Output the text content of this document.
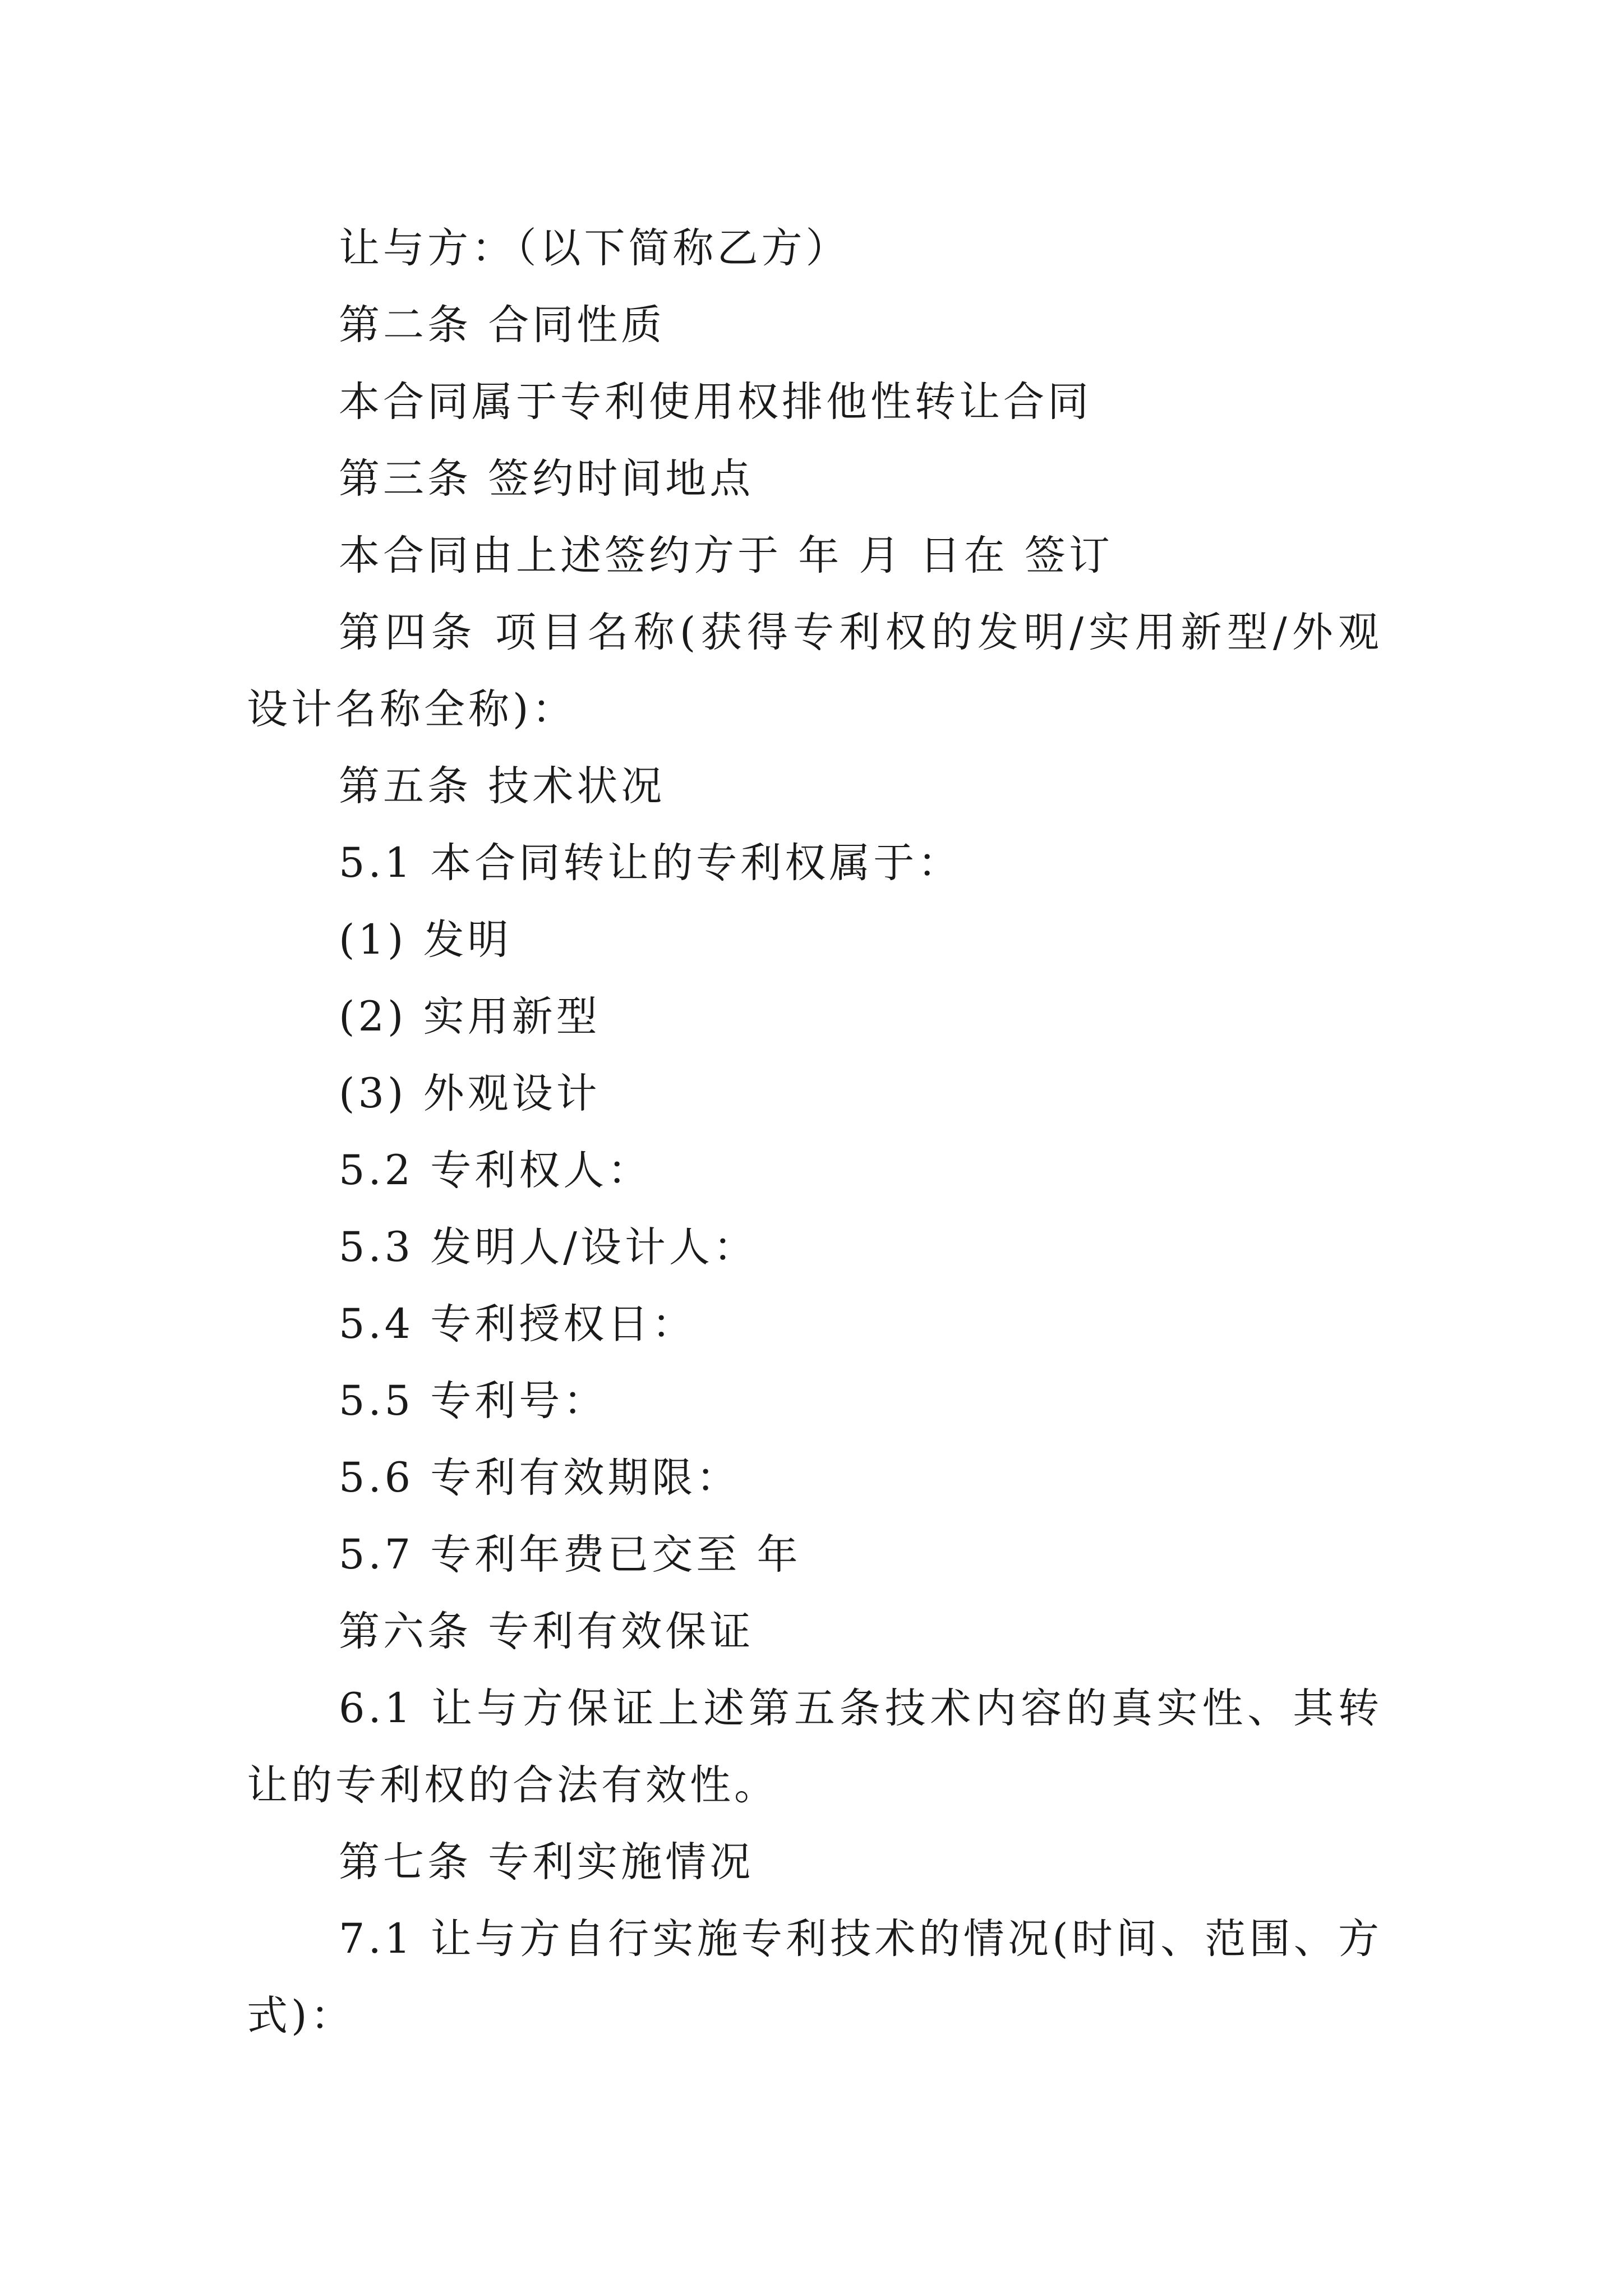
让与方：（以下简称乙方）

第二条 合同性质

本合同属于专利使用权排他性转让合同

第三条 签约时间地点

本合同由上述签约方于 年 月 日在 签订

第四条 项目名称(获得专利权的发明/实用新型/外观设计名称全称)：

第五条 技术状况

5.1 本合同转让的专利权属于：

(1) 发明

(2) 实用新型

(3) 外观设计

5.2 专利权人：

5.3 发明人/设计人：

5.4 专利授权日：

5.5 专利号：

5.6 专利有效期限：

5.7 专利年费已交至 年

第六条 专利有效保证

6.1 让与方保证上述第五条技术内容的真实性、其转让的专利权的合法有效性。

第七条 专利实施情况

7.1 让与方自行实施专利技术的情况(时间、范围、方式)：
